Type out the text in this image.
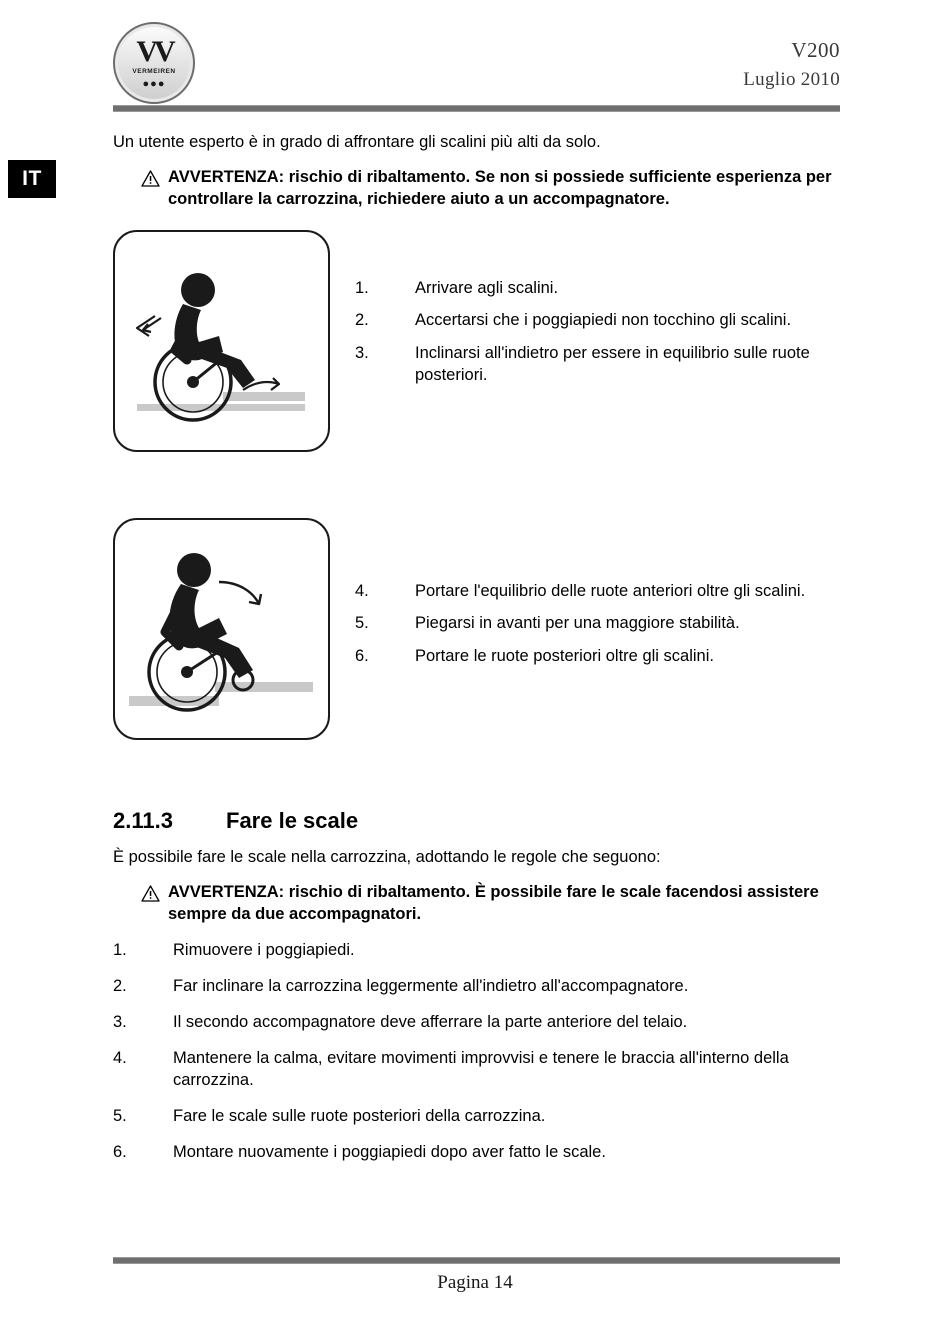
VV
VERMEIREN
●●●
V200
Luglio 2010
IT

Un utente esperto è in grado di affrontare gli scalini più alti da solo.

AVVERTENZA: rischio di ribaltamento. Se non si possiede sufficiente esperienza per controllare la carrozzina, richiedere aiuto a un accompagnatore.
1.	Arrivare agli scalini.
2.	Accertarsi che i poggiapiedi non tocchino gli scalini.
3.	Inclinarsi all'indietro per essere in equilibrio sulle ruote posteriori.
4.	Portare l'equilibrio delle ruote anteriori oltre gli scalini.
5.	Piegarsi in avanti per una maggiore stabilità.
6.	Portare le ruote posteriori oltre gli scalini.
2.11.3	Fare le scale

È possibile fare le scale nella carrozzina, adottando le regole che seguono:

AVVERTENZA: rischio di ribaltamento. È possibile fare le scale facendosi assistere sempre da due accompagnatori.
1.	Rimuovere i poggiapiedi.
2.	Far inclinare la carrozzina leggermente all'indietro all'accompagnatore.
3.	Il secondo accompagnatore deve afferrare la parte anteriore del telaio.
4.	Mantenere la calma, evitare movimenti improvvisi e tenere le braccia all'interno della carrozzina.
5.	Fare le scale sulle ruote posteriori della carrozzina.
6.	Montare nuovamente i poggiapiedi dopo aver fatto le scale.
Pagina 14
